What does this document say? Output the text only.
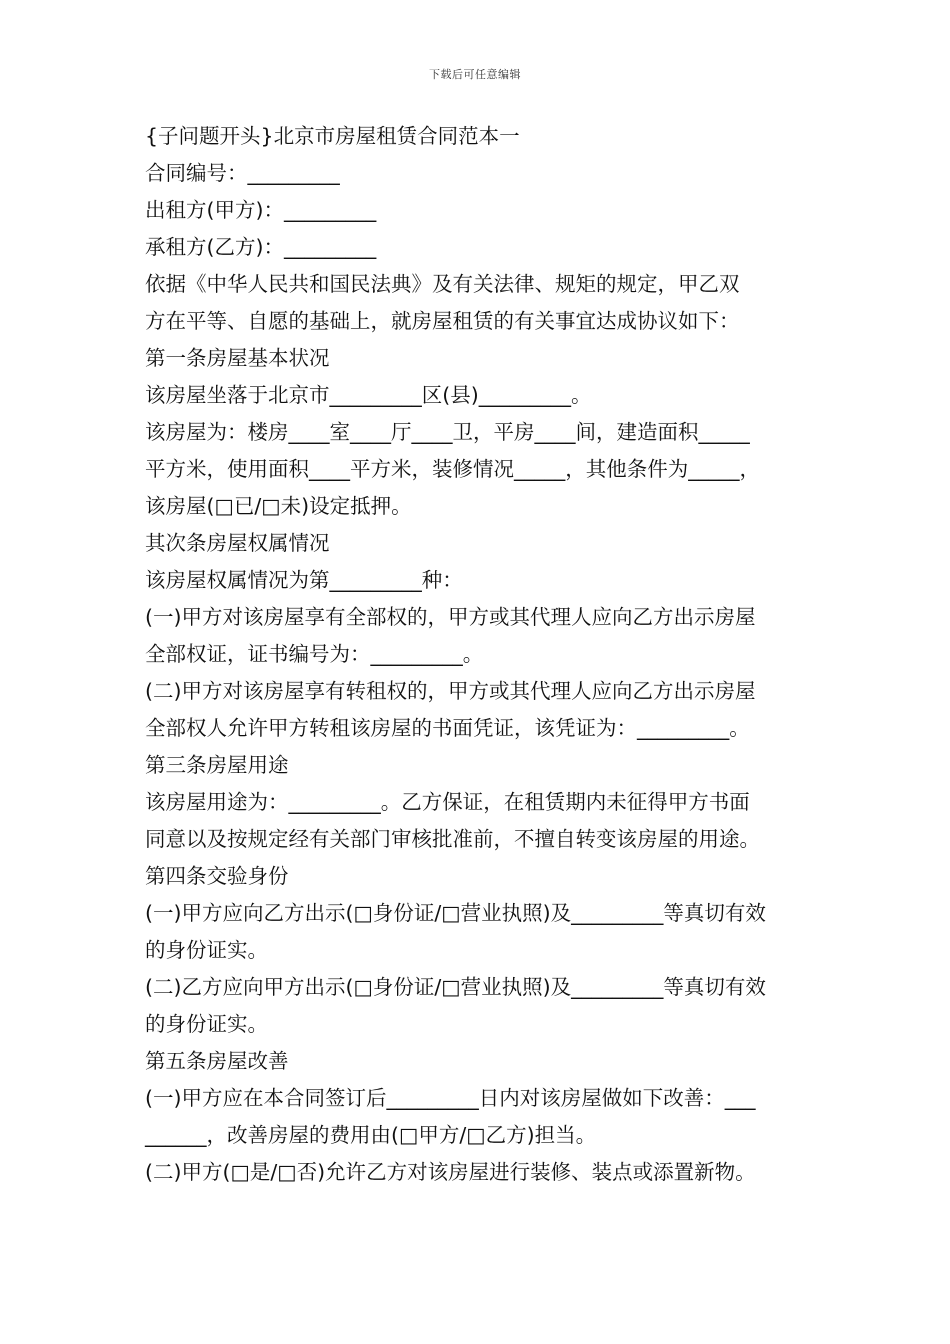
下载后可任意编辑
{子问题开头}北京市房屋租赁合同范本一
合同编号：_________
出租方(甲方)：_________
承租方(乙方)：_________
依据《中华人民共和国民法典》及有关法律、规矩的规定，甲乙双
方在平等、自愿的基础上，就房屋租赁的有关事宜达成协议如下：
第一条房屋基本状况
该房屋坐落于北京市_________区(县)_________。
该房屋为：楼房____室____厅____卫，平房____间，建造面积_____
平方米，使用面积____平方米，装修情况_____，其他条件为_____，
该房屋(□已/□未)设定抵押。
其次条房屋权属情况
该房屋权属情况为第_________种：
(一)甲方对该房屋享有全部权的，甲方或其代理人应向乙方出示房屋
全部权证，证书编号为：_________。
(二)甲方对该房屋享有转租权的，甲方或其代理人应向乙方出示房屋
全部权人允许甲方转租该房屋的书面凭证，该凭证为：_________。
第三条房屋用途
该房屋用途为：_________。乙方保证，在租赁期内未征得甲方书面
同意以及按规定经有关部门审核批准前，不擅自转变该房屋的用途。
第四条交验身份
(一)甲方应向乙方出示(□身份证/□营业执照)及_________等真切有效
的身份证实。
(二)乙方应向甲方出示(□身份证/□营业执照)及_________等真切有效
的身份证实。
第五条房屋改善
(一)甲方应在本合同签订后_________日内对该房屋做如下改善：___
______，改善房屋的费用由(□甲方/□乙方)担当。
(二)甲方(□是/□否)允许乙方对该房屋进行装修、装点或添置新物。
